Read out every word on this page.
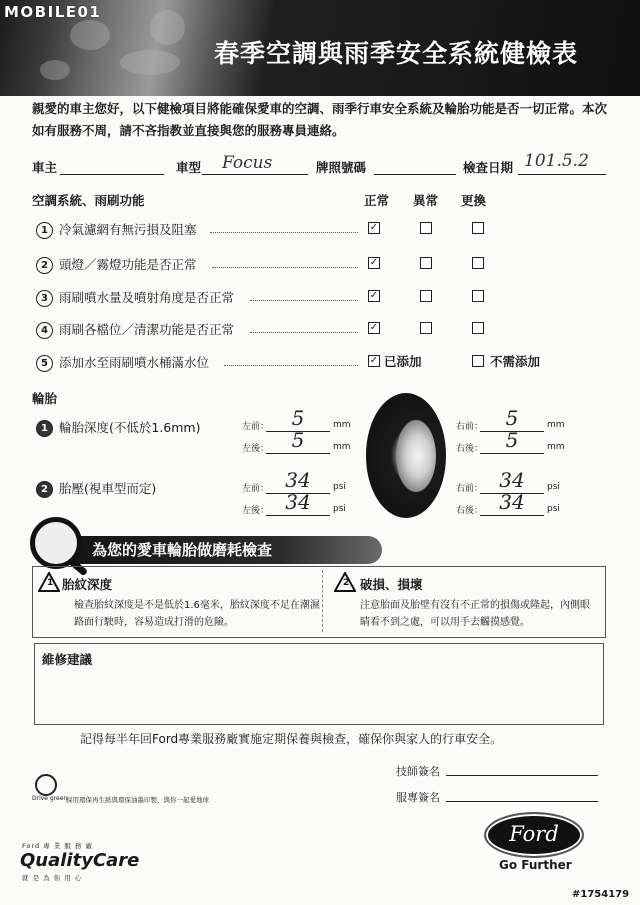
MOBILE01
春季空調與雨季安全系統健檢表
親愛的車主您好，以下健檢項目將能確保愛車的空調、雨季行車安全系統及輪胎功能是否一切正常。本次如有服務不周，請不吝指教並直接與您的服務專員連絡。
車主	車型 Focus	牌照號碼	檢查日期 101.5.2
空調系統、雨刷功能	正常 異常 更換
1 冷氣濾網有無污損及阻塞	✓
2 頭燈／霧燈功能是否正常	✓
3 雨刷噴水量及噴射角度是否正常	✓
4 雨刷各檔位／清潔功能是否正常	✓
5 添加水至雨刷噴水桶滿水位	✓ 已添加	不需添加
輪胎
1 輪胎深度(不低於1.6mm)
2 胎壓(視車型而定)
左前：	5	mm
左後：	5	mm
左前： 34	psi
左後： 34	psi
右前：	5	mm
右後：	5	mm
右前： 34	psi
右後： 34	psi
為您的愛車輪胎做磨耗檢查
1 胎紋深度
檢查胎紋深度是不是低於1.6毫米，胎紋深度不足在潮濕路面行駛時，容易造成打滑的危險。
2 破損、損壞
注意胎面及胎壁有沒有不正常的損傷或隆起，內側眼睛看不到之處，可以用手去觸摸感覺。
維修建議
記得每半年回Ford專業服務廠實施定期保養與檢查，確保你與家人的行車安全。
技師簽名
服專簽名
Drive green.
採用環保再生紙與環保油墨印製，與你一起愛地球
Ford 專 業 服 務 廠
QualityCare
就 是 為 你 用 心
Ford
Go Further
#1754179
